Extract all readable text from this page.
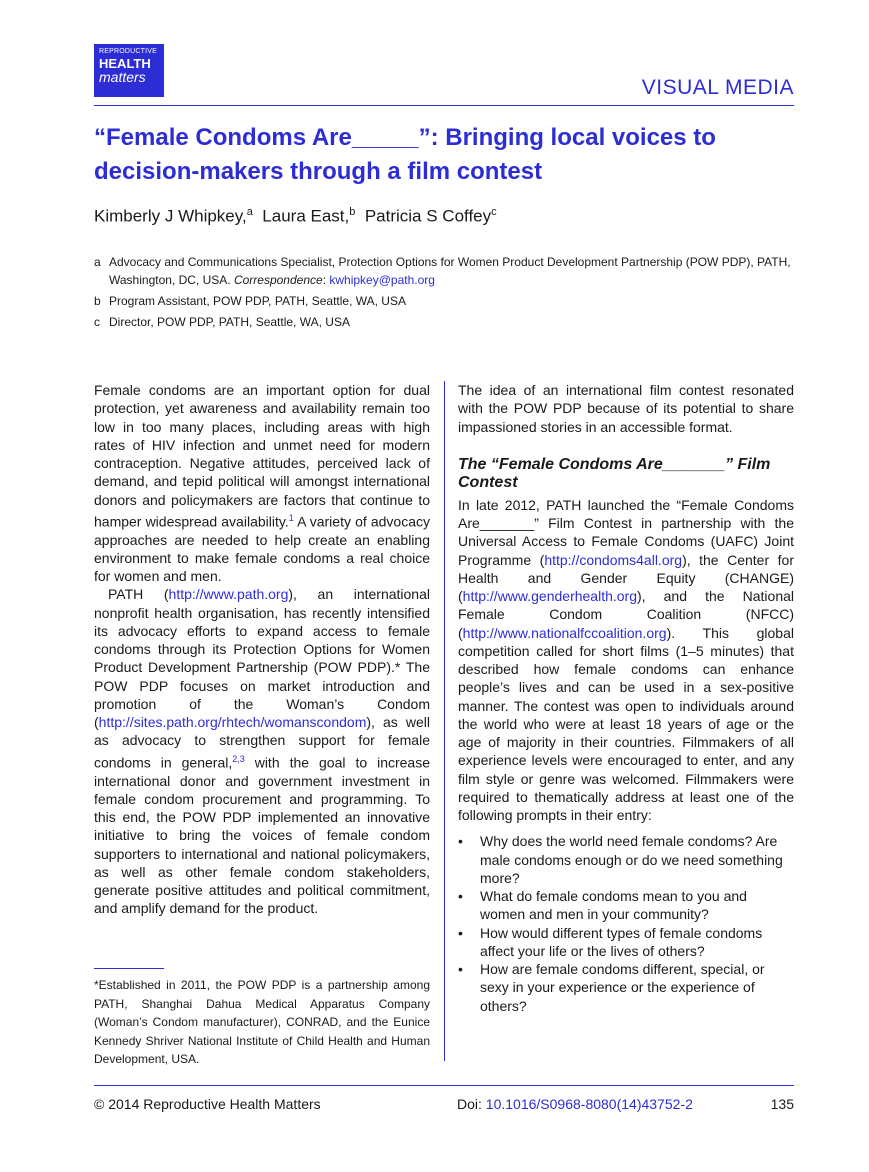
REPRODUCTIVE
HEALTH
matters	VISUAL MEDIA
“Female Condoms Are_____”: Bringing local voices to decision-makers through a film contest
Kimberly J Whipkey,$^a$ Laura East,$^b$ Patricia S Coffey$^c$
a Advocacy and Communications Specialist, Protection Options for Women Product Development Partnership (POW PDP), PATH, Washington, DC, USA. Correspondence: kwhipkey@path.org
b Program Assistant, POW PDP, PATH, Seattle, WA, USA
c Director, POW PDP, PATH, Seattle, WA, USA

Female condoms are an important option for dual protection, yet awareness and availability remain too low in too many places, including areas with high rates of HIV infection and unmet need for modern contraception. Negative attitudes, perceived lack of demand, and tepid political will amongst international donors and policymakers are factors that continue to hamper widespread availability.$^1$ A variety of advocacy approaches are needed to help create an enabling environment to make female condoms a real choice for women and men.

PATH (http://www.path.org), an international nonprofit health organisation, has recently intensified its advocacy efforts to expand access to female condoms through its Protection Options for Women Product Development Partnership (POW PDP).* The POW PDP focuses on market introduction and promotion of the Woman’s Condom (http://sites.path.org/rhtech/womanscondom), as well as advocacy to strengthen support for female condoms in general,$^{2,3}$ with the goal to increase international donor and government investment in female condom procurement and programming. To this end, the POW PDP implemented an innovative initiative to bring the voices of female condom supporters to international and national policymakers, as well as other female condom stakeholders, generate positive attitudes and political commitment, and amplify demand for the product.

*Established in 2011, the POW PDP is a partnership among PATH, Shanghai Dahua Medical Apparatus Company (Woman’s Condom manufacturer), CONRAD, and the Eunice Kennedy Shriver National Institute of Child Health and Human Development, USA.

The idea of an international film contest resonated with the POW PDP because of its potential to share impassioned stories in an accessible format.

The “Female Condoms Are_______” Film Contest

In late 2012, PATH launched the “Female Condoms Are_______” Film Contest in partnership with the Universal Access to Female Condoms (UAFC) Joint Programme (http://condoms4all.org), the Center for Health and Gender Equity (CHANGE) (http://www.genderhealth.org), and the National Female Condom Coalition (NFCC) (http://www.nationalfccoalition.org). This global competition called for short films (1–5 minutes) that described how female condoms can enhance people’s lives and can be used in a sex-positive manner. The contest was open to individuals around the world who were at least 18 years of age or the age of majority in their countries. Filmmakers of all experience levels were encouraged to enter, and any film style or genre was welcomed. Filmmakers were required to thematically address at least one of the following prompts in their entry:

• Why does the world need female condoms? Are male condoms enough or do we need something more?
• What do female condoms mean to you and women and men in your community?
• How would different types of female condoms affect your life or the lives of others?
• How are female condoms different, special, or sexy in your experience or the experience of others?
© 2014 Reproductive Health Matters	Doi: 10.1016/S0968-8080(14)43752-2	135
